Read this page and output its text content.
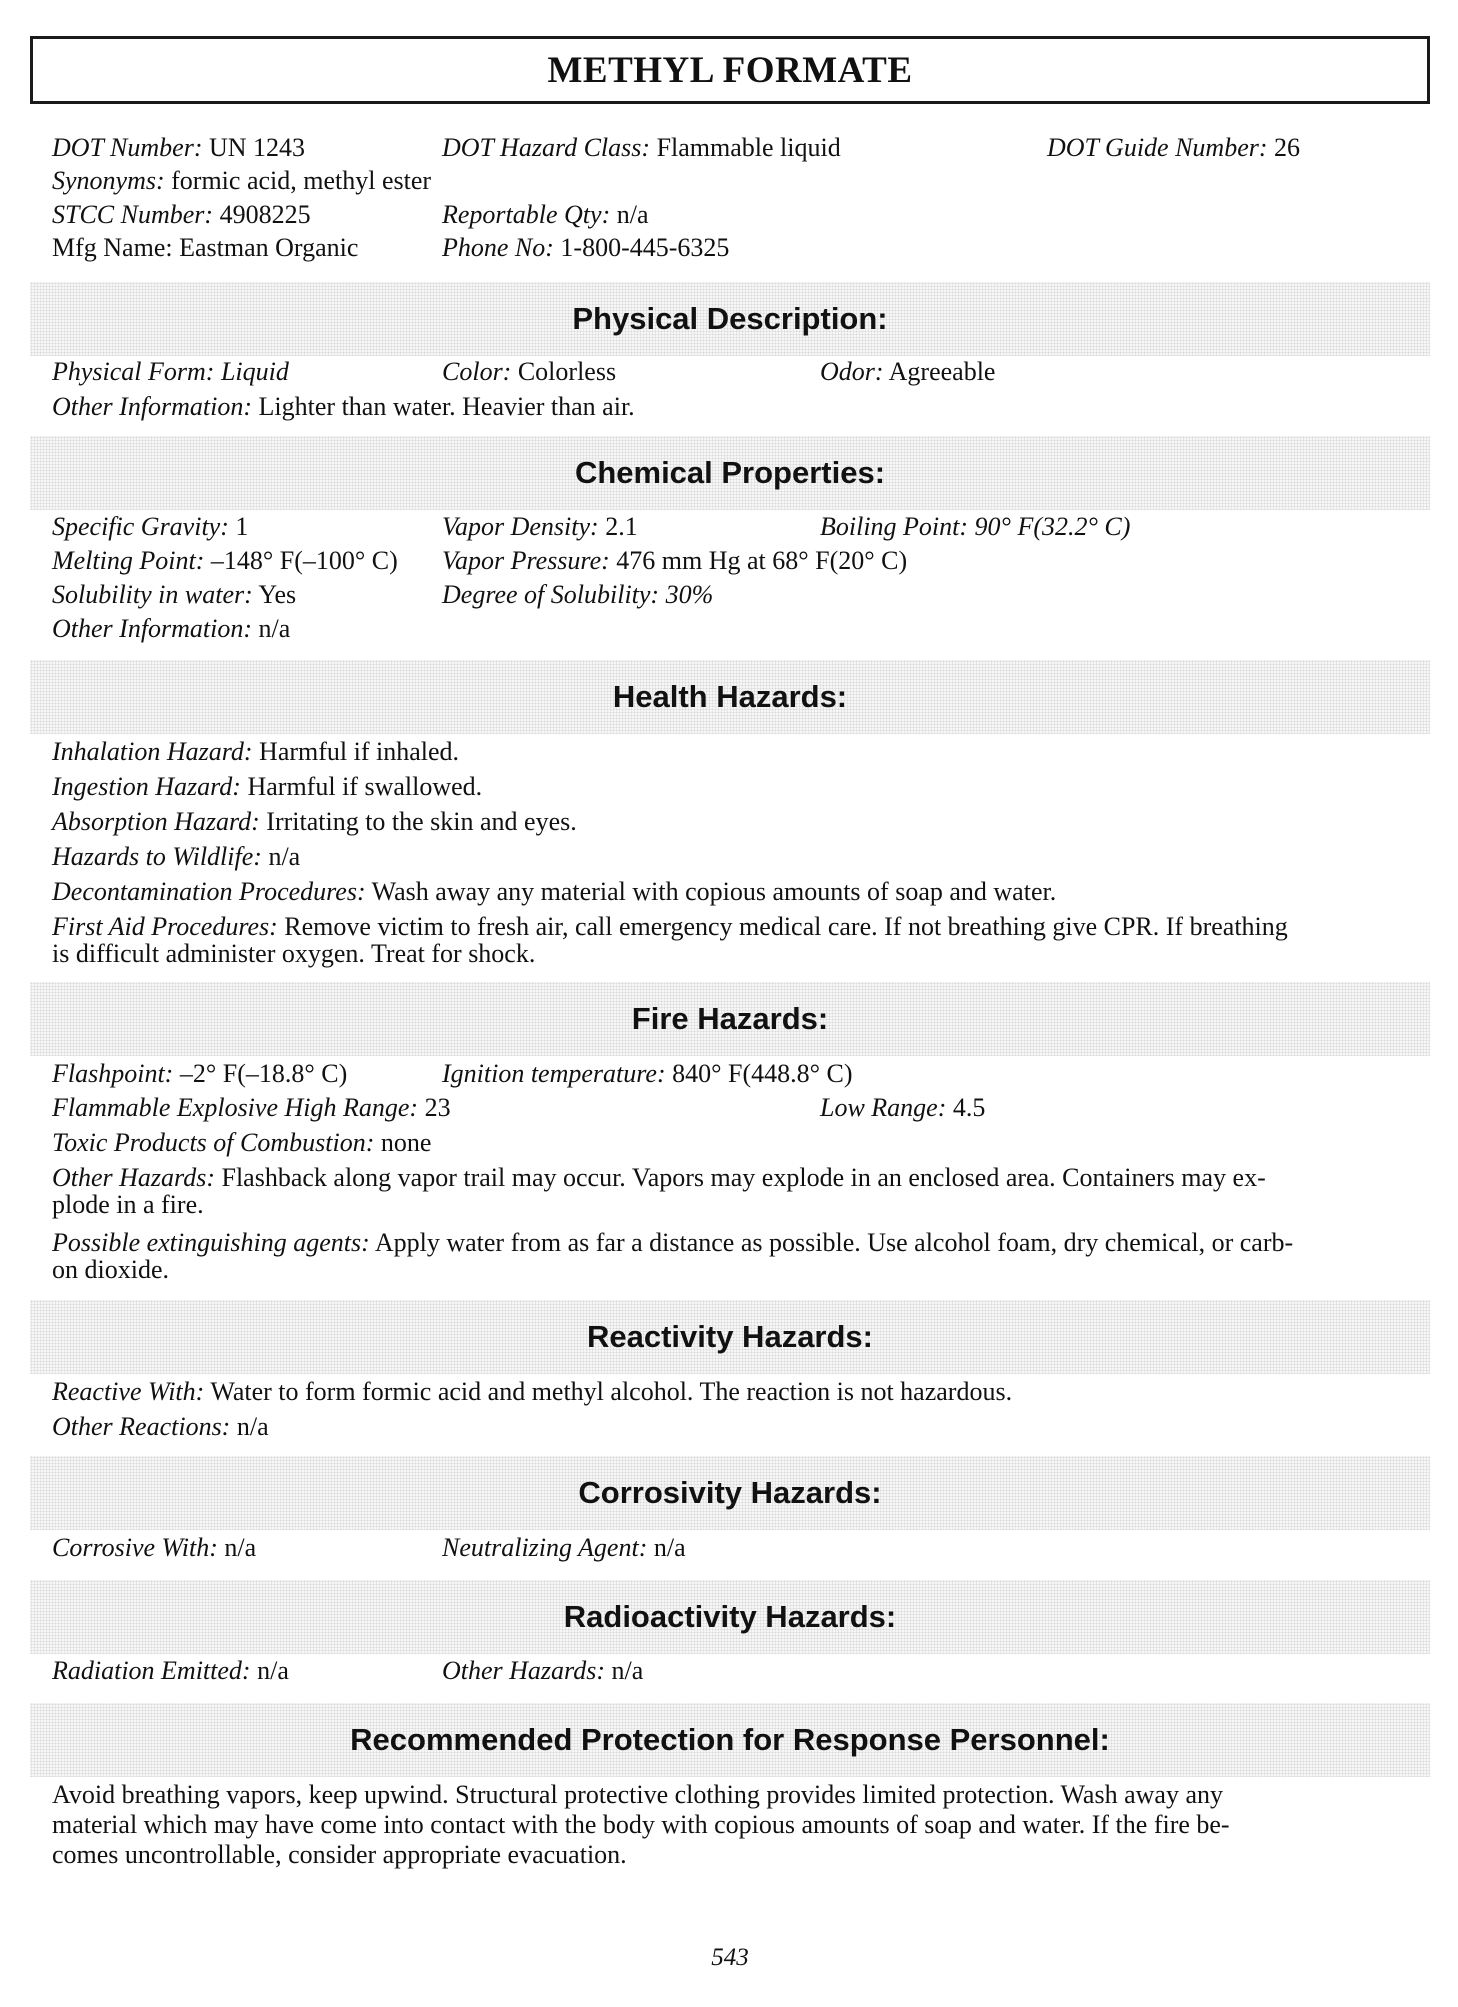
METHYL FORMATE
DOT Number: UN 1243	DOT Hazard Class: Flammable liquid	DOT Guide Number: 26
Synonyms: formic acid, methyl ester
STCC Number: 4908225	Reportable Qty: n/a
Mfg Name: Eastman Organic	Phone No: 1-800-445-6325
Physical Description:
Physical Form: Liquid	Color: Colorless	Odor: Agreeable
Other Information: Lighter than water. Heavier than air.
Chemical Properties:
Specific Gravity: 1	Vapor Density: 2.1	Boiling Point: 90° F(32.2° C)
Melting Point: –148° F(–100° C) Vapor Pressure: 476 mm Hg at 68° F(20° C)
Solubility in water: Yes	Degree of Solubility: 30%
Other Information: n/a
Health Hazards:
Inhalation Hazard: Harmful if inhaled.
Ingestion Hazard: Harmful if swallowed.
Absorption Hazard: Irritating to the skin and eyes.
Hazards to Wildlife: n/a
Decontamination Procedures: Wash away any material with copious amounts of soap and water.
First Aid Procedures: Remove victim to fresh air, call emergency medical care. If not breathing give CPR. If breathing
is difficult administer oxygen. Treat for shock.
Fire Hazards:
Flashpoint: –2° F(–18.8° C)	Ignition temperature: 840° F(448.8° C)
Flammable Explosive High Range: 23	Low Range: 4.5
Toxic Products of Combustion: none
Other Hazards: Flashback along vapor trail may occur. Vapors may explode in an enclosed area. Containers may ex-
plode in a fire.
Possible extinguishing agents: Apply water from as far a distance as possible. Use alcohol foam, dry chemical, or carb-
on dioxide.
Reactivity Hazards:
Reactive With: Water to form formic acid and methyl alcohol. The reaction is not hazardous.
Other Reactions: n/a
Corrosivity Hazards:
Corrosive With: n/a	Neutralizing Agent: n/a
Radioactivity Hazards:
Radiation Emitted: n/a	Other Hazards: n/a
Recommended Protection for Response Personnel:
Avoid breathing vapors, keep upwind. Structural protective clothing provides limited protection. Wash away any
material which may have come into contact with the body with copious amounts of soap and water. If the fire be-
comes uncontrollable, consider appropriate evacuation.
543
